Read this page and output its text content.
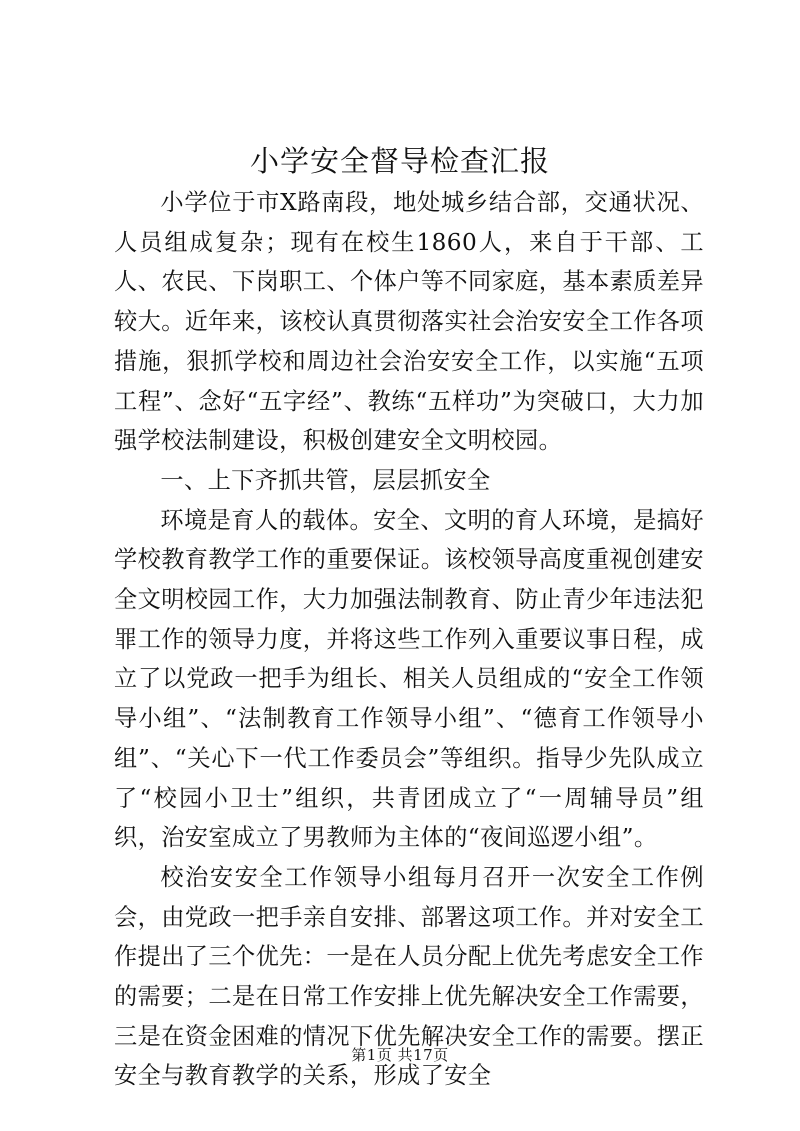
小学安全督导检查汇报

小学位于市X路南段，地处城乡结合部，交通状况、人员组成复杂；现有在校生1860人，来自于干部、工人、农民、下岗职工、个体户等不同家庭，基本素质差异较大。近年来，该校认真贯彻落实社会治安安全工作各项措施，狠抓学校和周边社会治安安全工作，以实施“五项工程”、念好“五字经”、教练“五样功”为突破口，大力加强学校法制建设，积极创建安全文明校园。

一、上下齐抓共管，层层抓安全

环境是育人的载体。安全、文明的育人环境，是搞好学校教育教学工作的重要保证。该校领导高度重视创建安全文明校园工作，大力加强法制教育、防止青少年违法犯罪工作的领导力度，并将这些工作列入重要议事日程，成立了以党政一把手为组长、相关人员组成的“安全工作领导小组”、“法制教育工作领导小组”、“德育工作领导小组”、“关心下一代工作委员会”等组织。指导少先队成立了“校园小卫士”组织，共青团成立了“一周辅导员”组织，治安室成立了男教师为主体的“夜间巡逻小组”。

校治安安全工作领导小组每月召开一次安全工作例会，由党政一把手亲自安排、部署这项工作。并对安全工作提出了三个优先：一是在人员分配上优先考虑安全工作的需要；二是在日常工作安排上优先解决安全工作需要，三是在资金困难的情况下优先解决安全工作的需要。摆正安全与教育教学的关系，形成了安全

第1页 共17页
